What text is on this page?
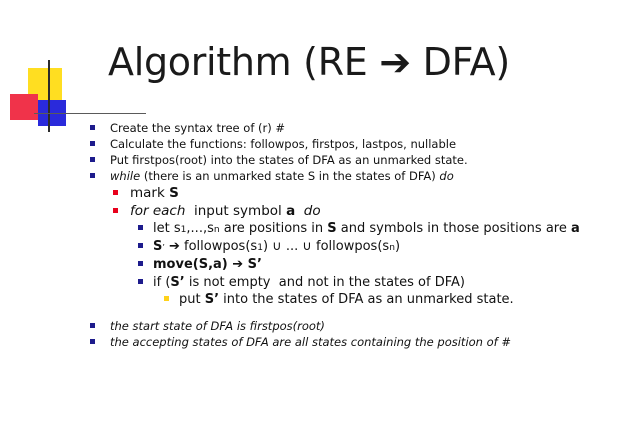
Algorithm (RE ➔ DFA)
Create the syntax tree of (r) #
Calculate the functions: followpos, firstpos, lastpos, nullable
Put firstpos(root) into the states of DFA as an unmarked state.
while (there is an unmarked state S in the states of DFA) do
mark S
for each input symbol a
do
let s 1 ,...,s n are positions in S and symbols in those positions are a
S ’ ➔ followpos(s 1 ) ∪ ... ∪ followpos(s n )
move(S,a) ➔ S’
if ( S’ is not empty  and not in the states of DFA)
put S’ into the states of DFA as an unmarked state.
the start state of DFA is firstpos(root)
the accepting states of DFA are all states containing the position of #
